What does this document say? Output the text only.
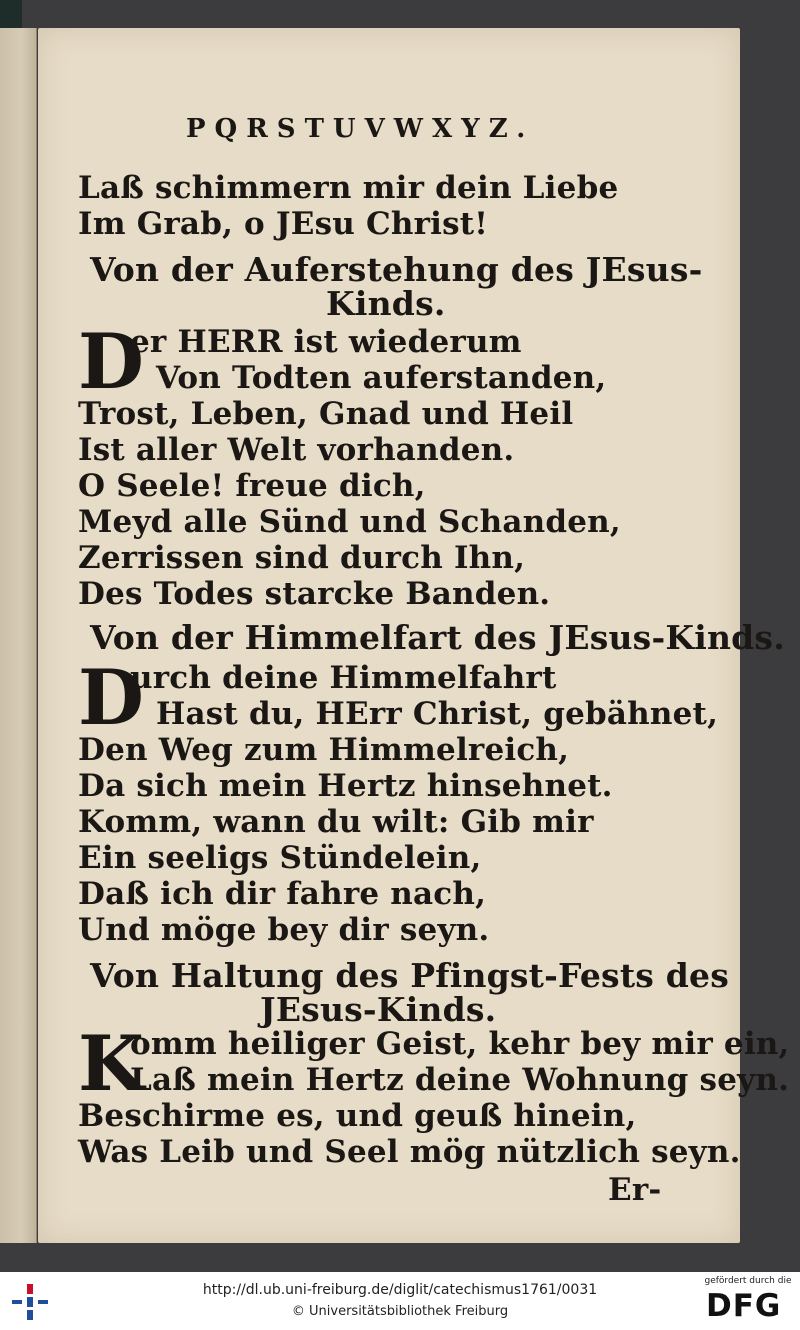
PQRSTUVWXYZ.
Laß schimmern mir dein Liebe
Im Grab, o JEsu Christ!
Von der Auferstehung des JEsus-
Kinds.
D
er HERR ist wiederum
Von Todten auferstanden,
Trost, Leben, Gnad und Heil
Ist aller Welt vorhanden.
O Seele! freue dich,
Meyd alle Sünd und Schanden,
Zerrissen sind durch Ihn,
Des Todes starcke Banden.
Von der Himmelfart des JEsus-Kinds.
D
urch deine Himmelfahrt
Hast du, HErr Christ, gebähnet,
Den Weg zum Himmelreich,
Da sich mein Hertz hinsehnet.
Komm, wann du wilt: Gib mir
Ein seeligs Stündelein,
Daß ich dir fahre nach,
Und möge bey dir seyn.
Von Haltung des Pfingst-Fests des
JEsus-Kinds.
K
omm heiliger Geist, kehr bey mir ein,
Laß mein Hertz deine Wohnung seyn.
Beschirme es, und geuß hinein,
Was Leib und Seel mög nützlich seyn.
Er-
http://dl.ub.uni-freiburg.de/diglit/catechismus1761/0031
© Universitätsbibliothek Freiburg
gefördert durch die
DFG
